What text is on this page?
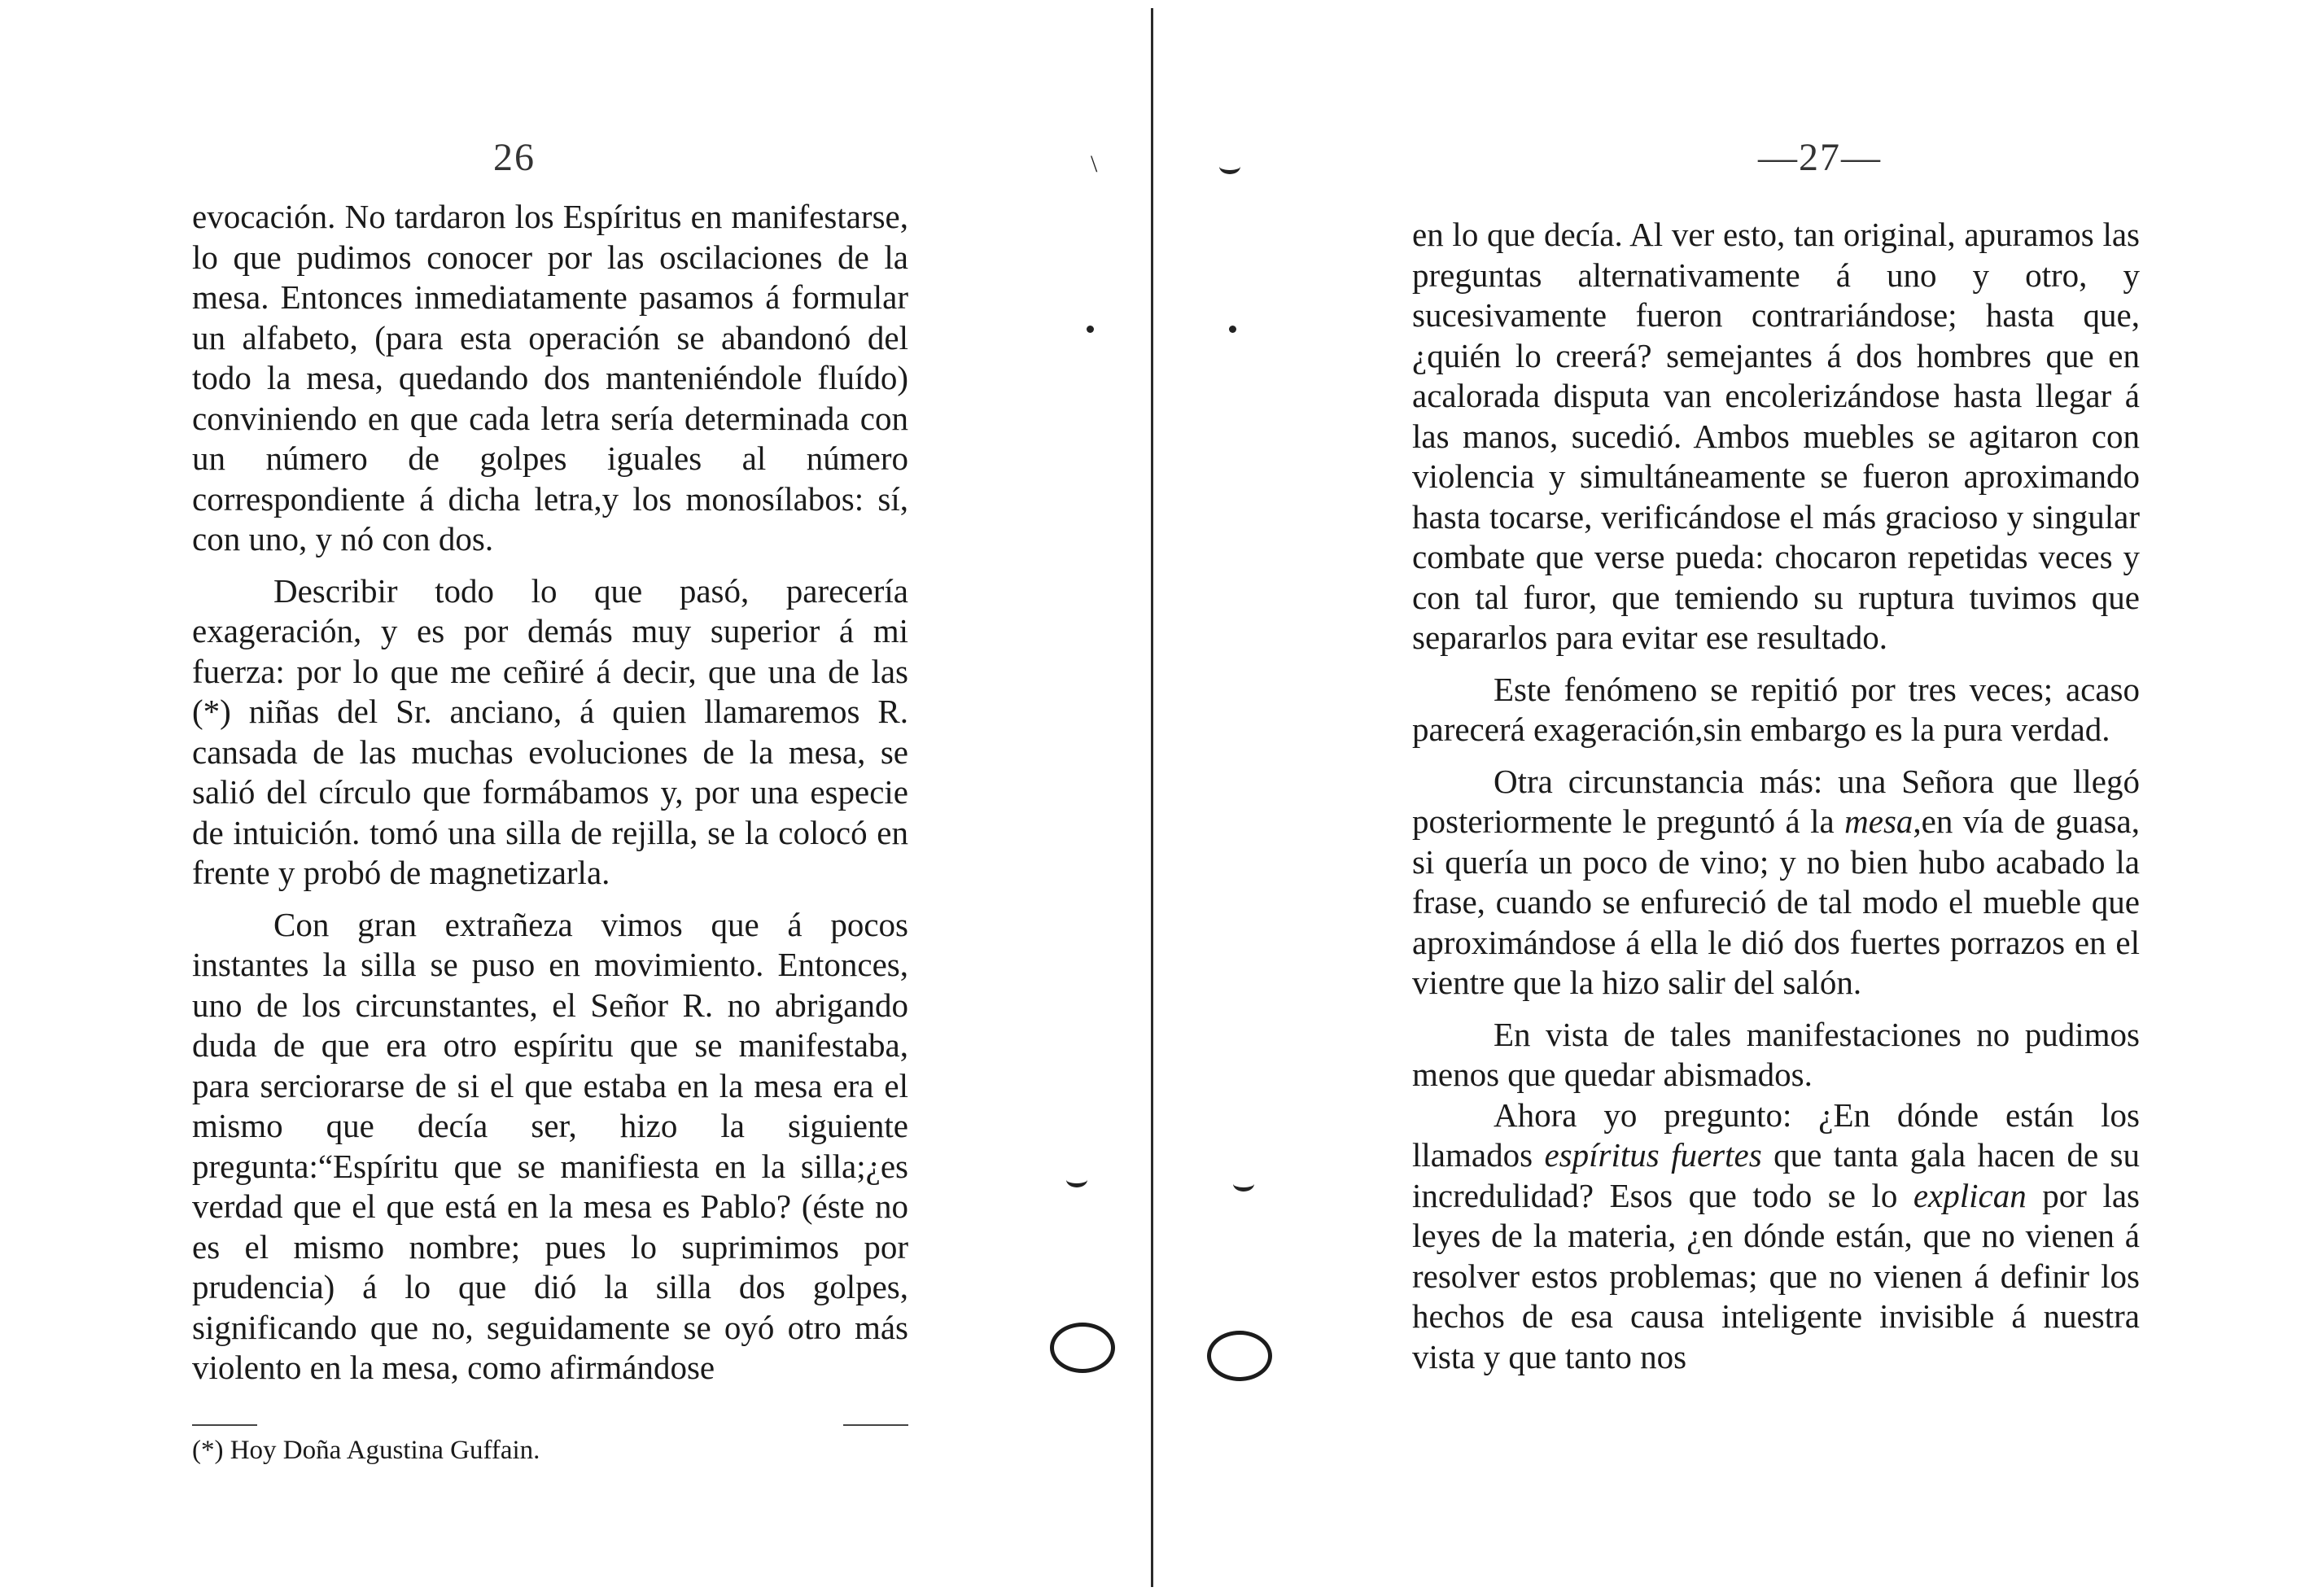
26

evocación. No tardaron los Espíritus en manifestarse, lo que pudimos conocer por las oscilaciones de la mesa. Entonces inmediatamente pasamos á formular un alfabeto, (para esta operación se abandonó del todo la mesa, quedando dos manteniéndole fluído) conviniendo en que cada letra sería determinada con un número de golpes iguales al número correspondiente á dicha letra,y los monosílabos: sí, con uno, y nó con dos.

Describir todo lo que pasó, parecería exageración, y es por demás muy superior á mi fuerza: por lo que me ceñiré á decir, que una de las (*) niñas del Sr. anciano, á quien llamaremos R. cansada de las muchas evoluciones de la mesa, se salió del círculo que formábamos y, por una especie de intuición. tomó una silla de rejilla, se la colocó en frente y probó de magnetizarla.

Con gran extrañeza vimos que á pocos instantes la silla se puso en movimiento. Entonces, uno de los circunstantes, el Señor R. no abrigando duda de que era otro espíritu que se manifestaba, para serciorarse de si el que estaba en la mesa era el mismo que decía ser, hizo la siguiente pregunta:“Espíritu que se manifiesta en la silla;¿es verdad que el que está en la mesa es Pablo? (éste no es el mismo nombre; pues lo suprimimos por prudencia) á lo que dió la silla dos golpes, significando que no, seguidamente se oyó otro más violento en la mesa, como afirmándose

(*) Hoy Doña Agustina Guffain.
\	—27—

en lo que decía. Al ver esto, tan original, apuramos las preguntas alternativamente á uno y otro, y sucesivamente fueron contrariándose; hasta que, ¿quién lo creerá? semejantes á dos hombres que en acalorada disputa van encolerizándose hasta llegar á las manos, sucedió. Ambos muebles se agitaron con violencia y simultáneamente se fueron aproximando hasta tocarse, verificándose el más gracioso y singular combate que verse pueda: chocaron repetidas veces y con tal furor, que temiendo su ruptura tuvimos que separarlos para evitar ese resultado.

Este fenómeno se repitió por tres veces; acaso parecerá exageración,sin embargo es la pura verdad.

Otra circunstancia más: una Señora que llegó posteriormente le preguntó á la mesa,en vía de guasa, si quería un poco de vino; y no bien hubo acabado la frase, cuando se enfureció de tal modo el mueble que aproximándose á ella le dió dos fuertes porrazos en el vientre que la hizo salir del salón.

En vista de tales manifestaciones no pudimos menos que quedar abismados.

Ahora yo pregunto: ¿En dónde están los llamados espíritus fuertes que tanta gala hacen de su incredulidad? Esos que todo se lo explican por las leyes de la materia, ¿en dónde están, que no vienen á resolver estos problemas; que no vienen á definir los hechos de esa causa inteligente invisible á nuestra vista y que tanto nos
